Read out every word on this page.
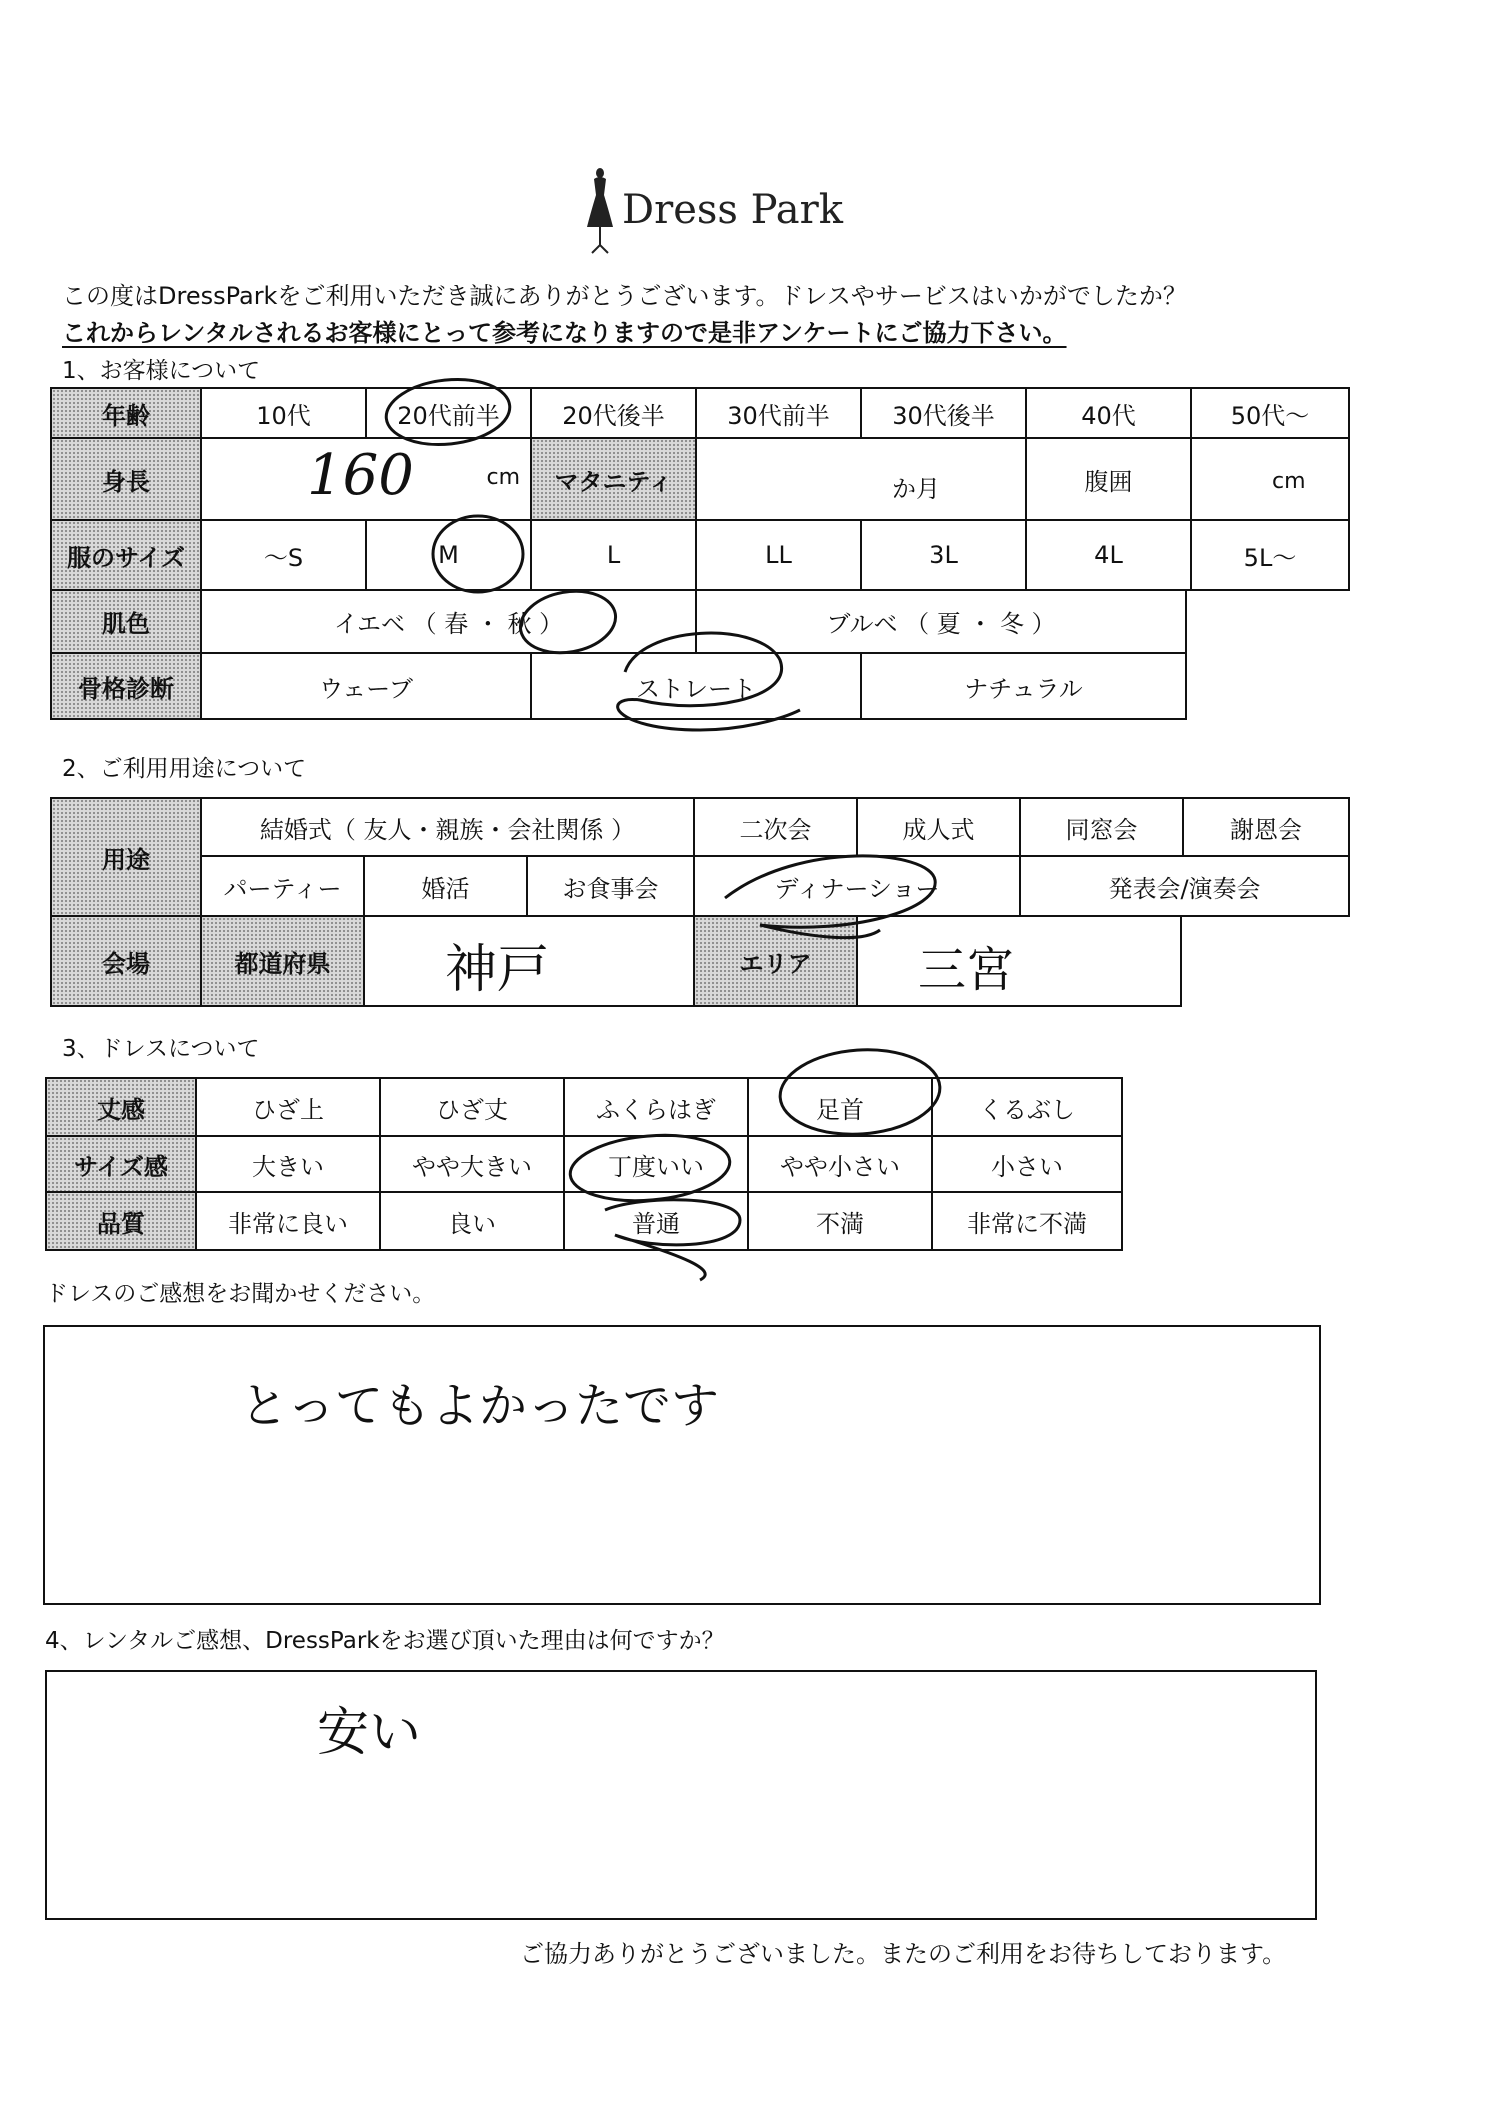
Dress Park
この度はDressParkをご利用いただき誠にありがとうございます。ドレスやサービスはいかがでしたか？
これからレンタルされるお客様にとって参考になりますので是非アンケートにご協力下さい。
1、お客様について
年齢	10代	20代前半	20代後半	30代前半	30代後半	40代	50代～
身長	160	cm	マタニティ	か月	腹囲	cm
服のサイズ	～S	M	L	LL	3L	4L	5L～
肌色	イエベ （ 春 ・ 秋 ）	ブルベ （ 夏 ・ 冬 ）
骨格診断	ウェーブ	ストレート	ナチュラル
2、ご利用用途について
用途
結婚式（ 友人・親族・会社関係 ）	二次会	成人式	同窓会	謝恩会
パーティー	婚活	お食事会	ディナーショー	発表会/演奏会
会場	都道府県	神戸	エリア	三宮
3、ドレスについて
丈感	ひざ上	ひざ丈	ふくらはぎ	足首	くるぶし
サイズ感	大きい	やや大きい	丁度いい	やや小さい	小さい
品質	非常に良い	良い	普通	不満	非常に不満
ドレスのご感想をお聞かせください。
とってもよかったです
4、レンタルご感想、DressParkをお選び頂いた理由は何ですか？
安い
ご協力ありがとうございました。またのご利用をお待ちしております。
